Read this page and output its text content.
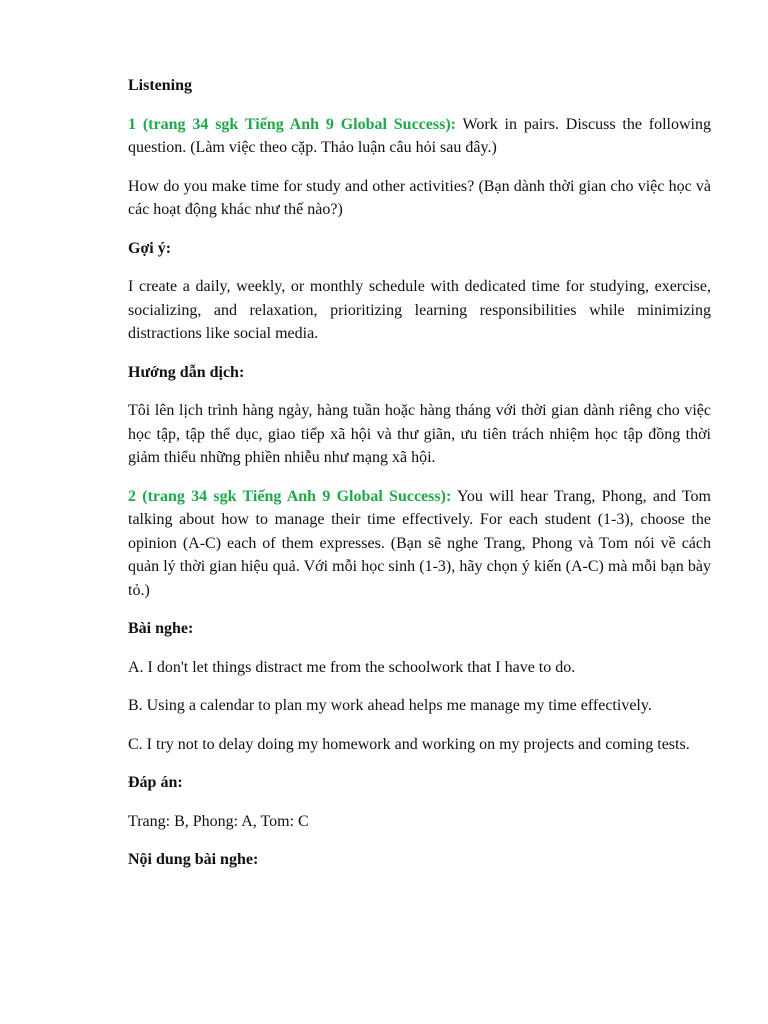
Listening

1 (trang 34 sgk Tiếng Anh 9 Global Success): Work in pairs. Discuss the following question. (Làm việc theo cặp. Thảo luận câu hỏi sau đây.)

How do you make time for study and other activities? (Bạn dành thời gian cho việc học và các hoạt động khác như thế nào?)

Gợi ý:

I create a daily, weekly, or monthly schedule with dedicated time for studying, exercise, socializing, and relaxation, prioritizing learning responsibilities while minimizing distractions like social media.

Hướng dẫn dịch:

Tôi lên lịch trình hàng ngày, hàng tuần hoặc hàng tháng với thời gian dành riêng cho việc học tập, tập thể dục, giao tiếp xã hội và thư giãn, ưu tiên trách nhiệm học tập đồng thời giảm thiểu những phiền nhiễu như mạng xã hội.

2 (trang 34 sgk Tiếng Anh 9 Global Success): You will hear Trang, Phong, and Tom talking about how to manage their time effectively. For each student (1-3), choose the opinion (A-C) each of them expresses. (Bạn sẽ nghe Trang, Phong và Tom nói về cách quản lý thời gian hiệu quả. Với mỗi học sinh (1-3), hãy chọn ý kiến (A-C) mà mỗi bạn bày tỏ.)

Bài nghe:

A. I don't let things distract me from the schoolwork that I have to do.

B. Using a calendar to plan my work ahead helps me manage my time effectively.

C. I try not to delay doing my homework and working on my projects and coming tests.

Đáp án:

Trang: B, Phong: A, Tom: C

Nội dung bài nghe:
